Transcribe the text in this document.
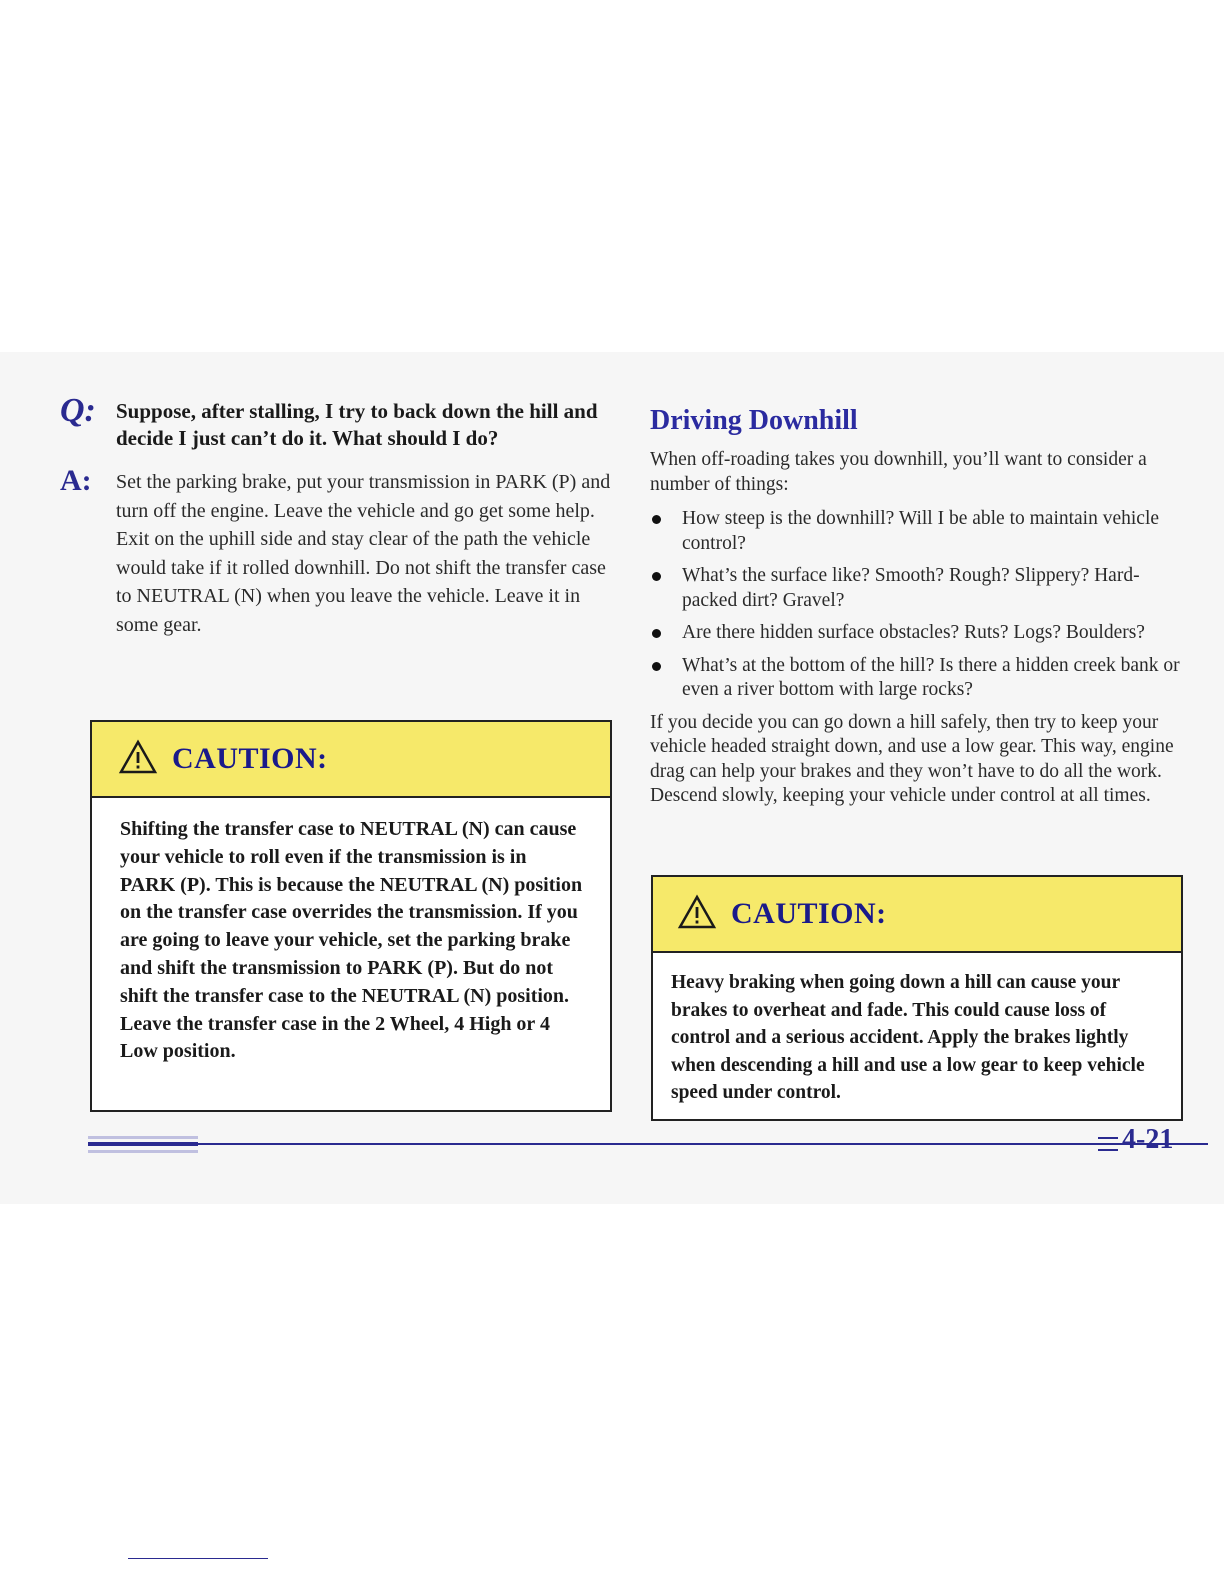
Q: Suppose, after stalling, I try to back down the hill and decide I just can’t do it. What should I do?

A: Set the parking brake, put your transmission in PARK (P) and turn off the engine. Leave the vehicle and go get some help. Exit on the uphill side and stay clear of the path the vehicle would take if it rolled downhill. Do not shift the transfer case to NEUTRAL (N) when you leave the vehicle. Leave it in some gear.

CAUTION:

Shifting the transfer case to NEUTRAL (N) can cause your vehicle to roll even if the transmission is in PARK (P). This is because the NEUTRAL (N) position on the transfer case overrides the transmission. If you are going to leave your vehicle, set the parking brake and shift the transmission to PARK (P). But do not shift the transfer case to the NEUTRAL (N) position. Leave the transfer case in the 2 Wheel, 4 High or 4 Low position.

Driving Downhill

When off-roading takes you downhill, you’ll want to consider a number of things:

How steep is the downhill? Will I be able to maintain vehicle control?
What’s the surface like? Smooth? Rough? Slippery? Hard-packed dirt? Gravel?
Are there hidden surface obstacles? Ruts? Logs? Boulders?
What’s at the bottom of the hill? Is there a hidden creek bank or even a river bottom with large rocks?

If you decide you can go down a hill safely, then try to keep your vehicle headed straight down, and use a low gear. This way, engine drag can help your brakes and they won’t have to do all the work. Descend slowly, keeping your vehicle under control at all times.

CAUTION:

Heavy braking when going down a hill can cause your brakes to overheat and fade. This could cause loss of control and a serious accident. Apply the brakes lightly when descending a hill and use a low gear to keep vehicle speed under control.

4-21
